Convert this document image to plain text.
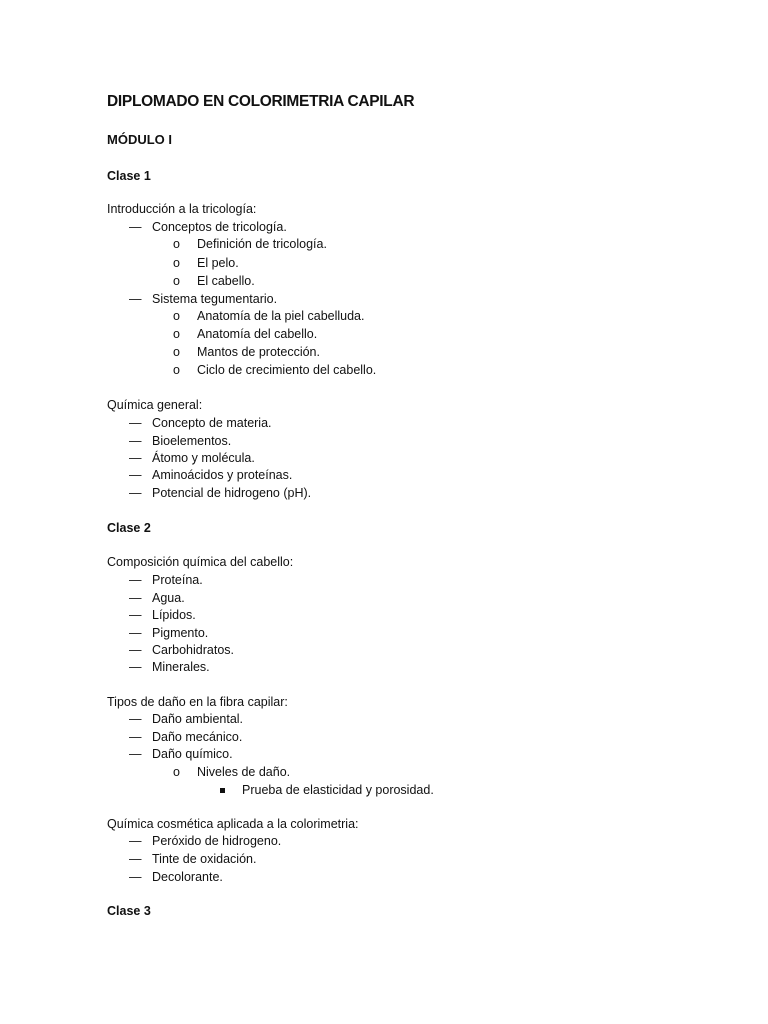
DIPLOMADO EN COLORIMETRIA CAPILAR
MÓDULO I
Clase 1
Introducción a la tricología:
— Conceptos de tricología.
o Definición de tricología.
o El pelo.
o El cabello.
— Sistema tegumentario.
o Anatomía de la piel cabelluda.
o Anatomía del cabello.
o Mantos de protección.
o Ciclo de crecimiento del cabello.
Química general:
— Concepto de materia.
— Bioelementos.
— Átomo y molécula.
— Aminoácidos y proteínas.
— Potencial de hidrogeno (pH).
Clase 2
Composición química del cabello:
— Proteína.
— Agua.
— Lípidos.
— Pigmento.
— Carbohidratos.
— Minerales.
Tipos de daño en la fibra capilar:
— Daño ambiental.
— Daño mecánico.
— Daño químico.
o Niveles de daño.
Prueba de elasticidad y porosidad.
Química cosmética aplicada a la colorimetria:
— Peróxido de hidrogeno.
— Tinte de oxidación.
— Decolorante.
Clase 3
